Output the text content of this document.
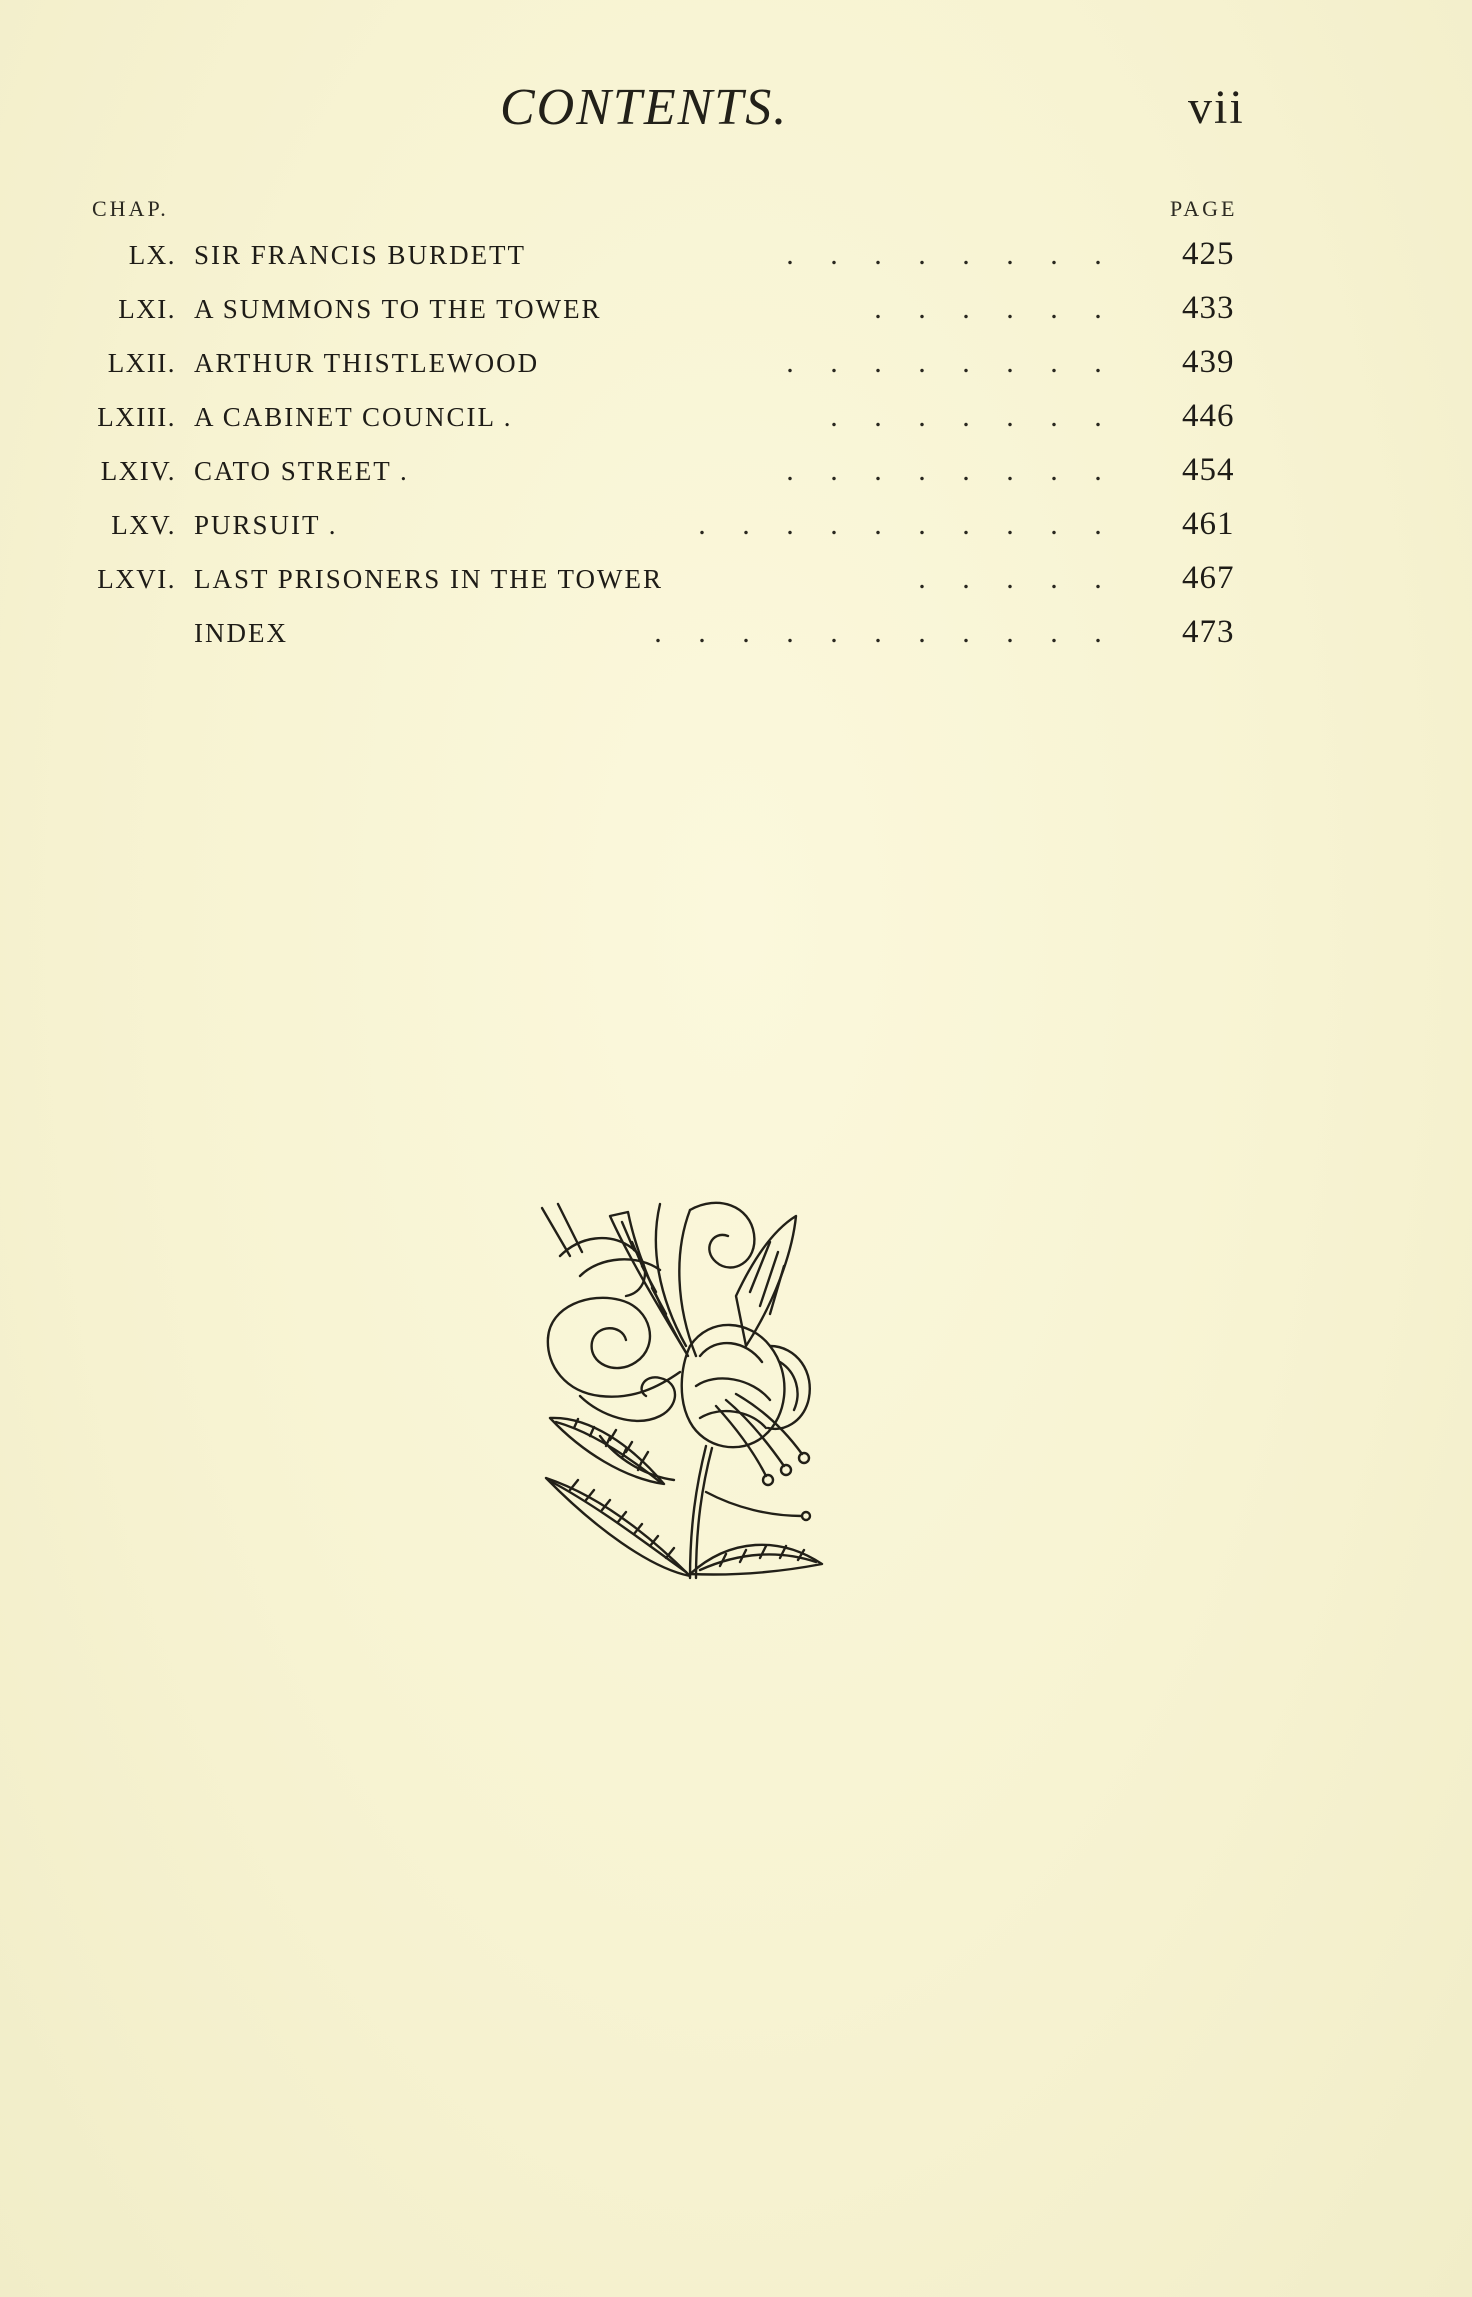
CONTENTS.	vii
CHAP.	PAGE
LX. SIR FRANCIS BURDETT	. . . . . . . .	425
LXI. A SUMMONS TO THE TOWER	. . . . . .	433
LXII. ARTHUR THISTLEWOOD	. . . . . . . .	439
LXIII. A CABINET COUNCIL .	. . . . . . .	446
LXIV. CATO STREET .	. . . . . . . .	454
LXV. PURSUIT .	. . . . . . . . . .	461
LXVI. LAST PRISONERS IN THE TOWER	. . . . .	467
INDEX	. . . . . . . . . . .	473
